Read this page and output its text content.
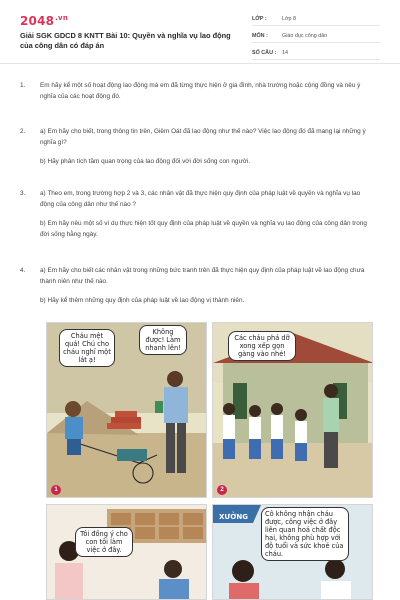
$2048^{.vn}$
Giải SGK GDCD 8 KNTT Bài 10: Quyền và nghĩa vụ lao động của công dân có đáp án
LỚP :	Lớp 8
MÔN :	Giáo dục công dân
SỐ CÂU :	14
1.	Em hãy kể một số hoạt động lao động mà em đã từng thực hiện ở gia đình, nhà trường hoặc cộng đồng và nêu ý nghĩa của các hoạt động đó.

2.	a) Em hãy cho biết, trong thông tin trên, Giêm Oát đã lao động như thế nào? Việc lao động đó đã mang lại những ý nghĩa gì?

b) Hãy phân tích tầm quan trọng của lao động đối với đời sống con người.

3.	a) Theo em, trong trường hợp 2 và 3, các nhân vật đã thực hiện quy định của pháp luật về quyền và nghĩa vụ lao động của công dân như thế nào ?

b) Em hãy nêu một số ví dụ thực hiện tốt quy định của pháp luật về quyền và nghĩa vụ lao động của công dân trong đời sống hằng ngày.

4.	a) Em hãy cho biết các nhân vật trong những bức tranh trên đã thực hiện quy định của pháp luật về lao động chưa thành niên như thế nào.

b) Hãy kể thêm những quy định của pháp luật về lao động vị thành niên.

Cháu mệt quá! Chú cho cháu nghỉ một lát ạ!
Không được! Làm nhanh lên!
1
Các cháu phá dỡ xong xếp gọn gàng vào nhé!
2
Tôi đồng ý cho con tôi làm việc ở đây.
XƯỞNG	Cô không nhận cháu được, công việc ở đây liên quan hoá chất độc hại, không phù hợp với độ tuổi và sức khoẻ của cháu.
